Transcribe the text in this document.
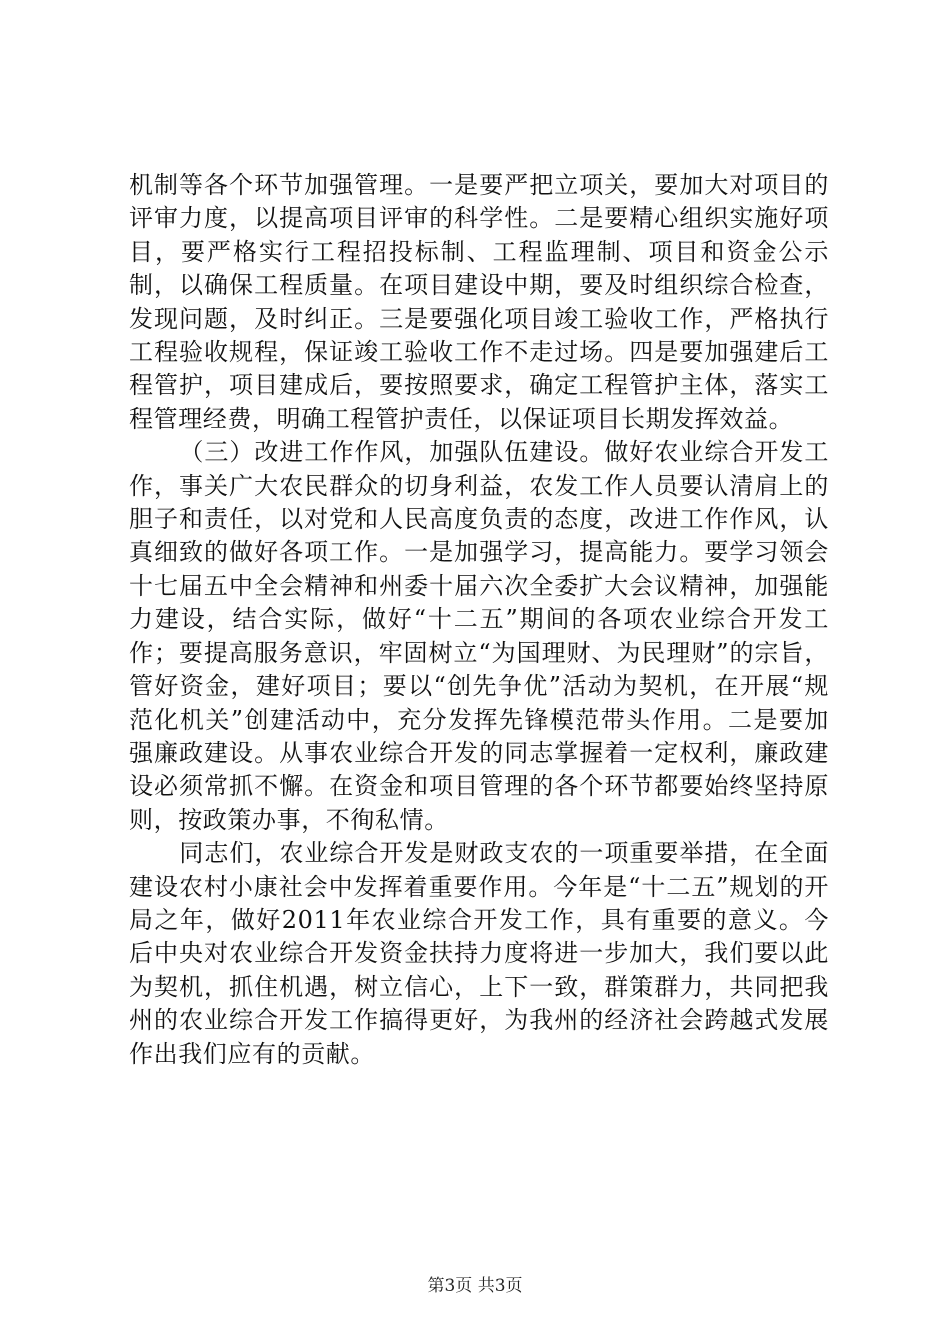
机制等各个环节加强管理。一是要严把立项关，要加大对项目的评审力度，以提高项目评审的科学性。二是要精心组织实施好项目，要严格实行工程招投标制、工程监理制、项目和资金公示制，以确保工程质量。在项目建设中期，要及时组织综合检查，发现问题，及时纠正。三是要强化项目竣工验收工作，严格执行工程验收规程，保证竣工验收工作不走过场。四是要加强建后工程管护，项目建成后，要按照要求，确定工程管护主体，落实工程管理经费，明确工程管护责任，以保证项目长期发挥效益。

（三）改进工作作风，加强队伍建设。做好农业综合开发工作，事关广大农民群众的切身利益，农发工作人员要认清肩上的胆子和责任，以对党和人民高度负责的态度，改进工作作风，认真细致的做好各项工作。一是加强学习，提高能力。要学习领会十七届五中全会精神和州委十届六次全委扩大会议精神，加强能力建设，结合实际，做好“十二五”期间的各项农业综合开发工作；要提高服务意识，牢固树立“为国理财、为民理财”的宗旨，管好资金，建好项目；要以“创先争优”活动为契机，在开展“规范化机关”创建活动中，充分发挥先锋模范带头作用。二是要加强廉政建设。从事农业综合开发的同志掌握着一定权利，廉政建设必须常抓不懈。在资金和项目管理的各个环节都要始终坚持原则，按政策办事，不徇私情。

同志们，农业综合开发是财政支农的一项重要举措，在全面建设农村小康社会中发挥着重要作用。今年是“十二五”规划的开局之年，做好2011年农业综合开发工作，具有重要的意义。今后中央对农业综合开发资金扶持力度将进一步加大，我们要以此为契机，抓住机遇，树立信心，上下一致，群策群力，共同把我州的农业综合开发工作搞得更好，为我州的经济社会跨越式发展作出我们应有的贡献。

第3页 共3页
